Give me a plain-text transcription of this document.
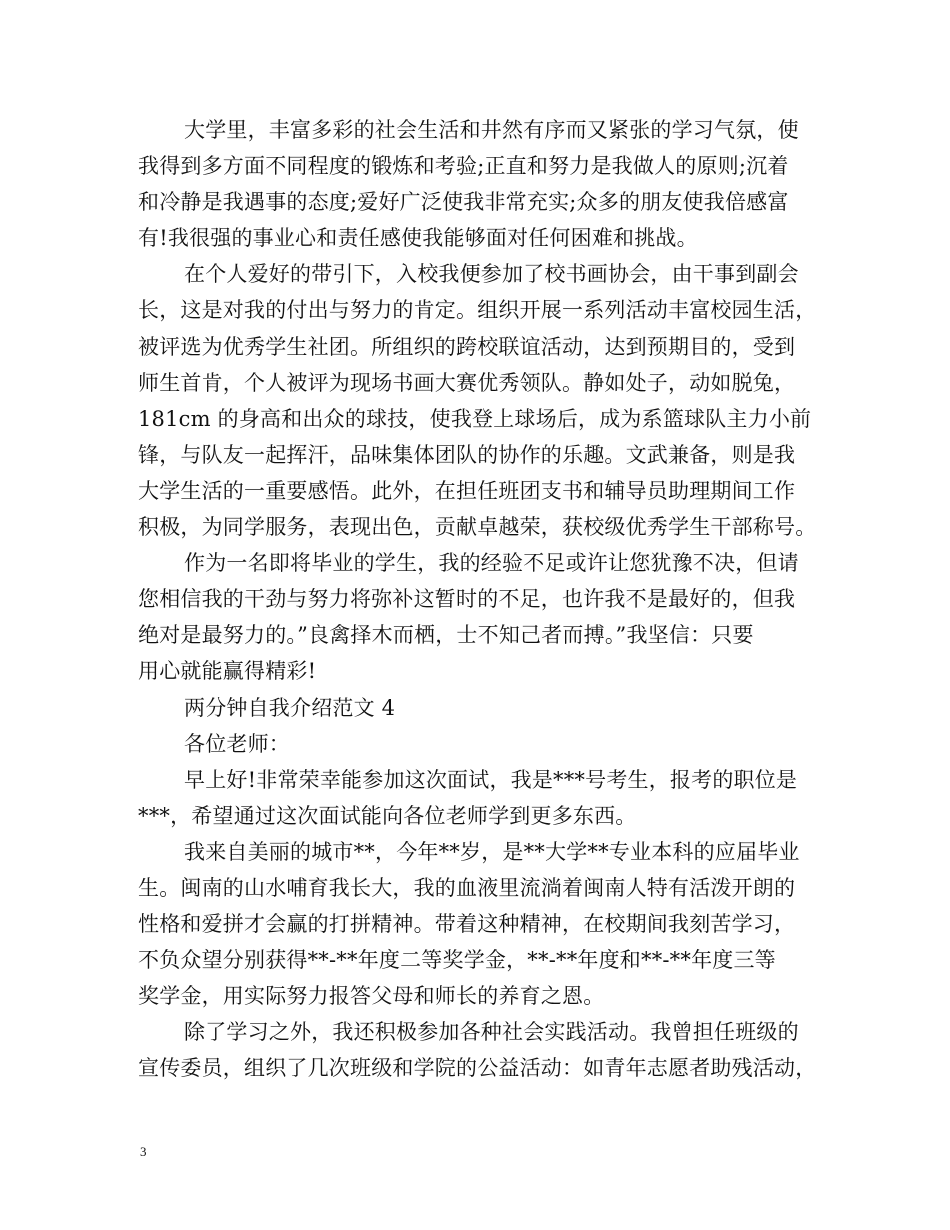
大学里，丰富多彩的社会生活和井然有序而又紧张的学习气氛，使
我得到多方面不同程度的锻炼和考验;正直和努力是我做人的原则;沉着
和冷静是我遇事的态度;爱好广泛使我非常充实;众多的朋友使我倍感富
有!我很强的事业心和责任感使我能够面对任何困难和挑战。
在个人爱好的带引下，入校我便参加了校书画协会，由干事到副会
长，这是对我的付出与努力的肯定。组织开展一系列活动丰富校园生活，
被评选为优秀学生社团。所组织的跨校联谊活动，达到预期目的，受到
师生首肯，个人被评为现场书画大赛优秀领队。静如处子，动如脱兔，
181cm 的身高和出众的球技，使我登上球场后，成为系篮球队主力小前
锋，与队友一起挥汗，品味集体团队的协作的乐趣。文武兼备，则是我
大学生活的一重要感悟。此外，在担任班团支书和辅导员助理期间工作
积极，为同学服务，表现出色，贡献卓越荣，获校级优秀学生干部称号。
作为一名即将毕业的学生，我的经验不足或许让您犹豫不决，但请
您相信我的干劲与努力将弥补这暂时的不足，也许我不是最好的，但我
绝对是最努力的。”良禽择木而栖，士不知己者而搏。”我坚信：只要
用心就能赢得精彩!
两分钟自我介绍范文 4
各位老师：
早上好!非常荣幸能参加这次面试，我是***号考生，报考的职位是
***，希望通过这次面试能向各位老师学到更多东西。
我来自美丽的城市**，今年**岁，是**大学**专业本科的应届毕业
生。闽南的山水哺育我长大，我的血液里流淌着闽南人特有活泼开朗的
性格和爱拼才会赢的打拼精神。带着这种精神，在校期间我刻苦学习，
不负众望分别获得**-**年度二等奖学金，**-**年度和**-**年度三等
奖学金，用实际努力报答父母和师长的养育之恩。
除了学习之外，我还积极参加各种社会实践活动。我曾担任班级的
宣传委员，组织了几次班级和学院的公益活动：如青年志愿者助残活动，
3
